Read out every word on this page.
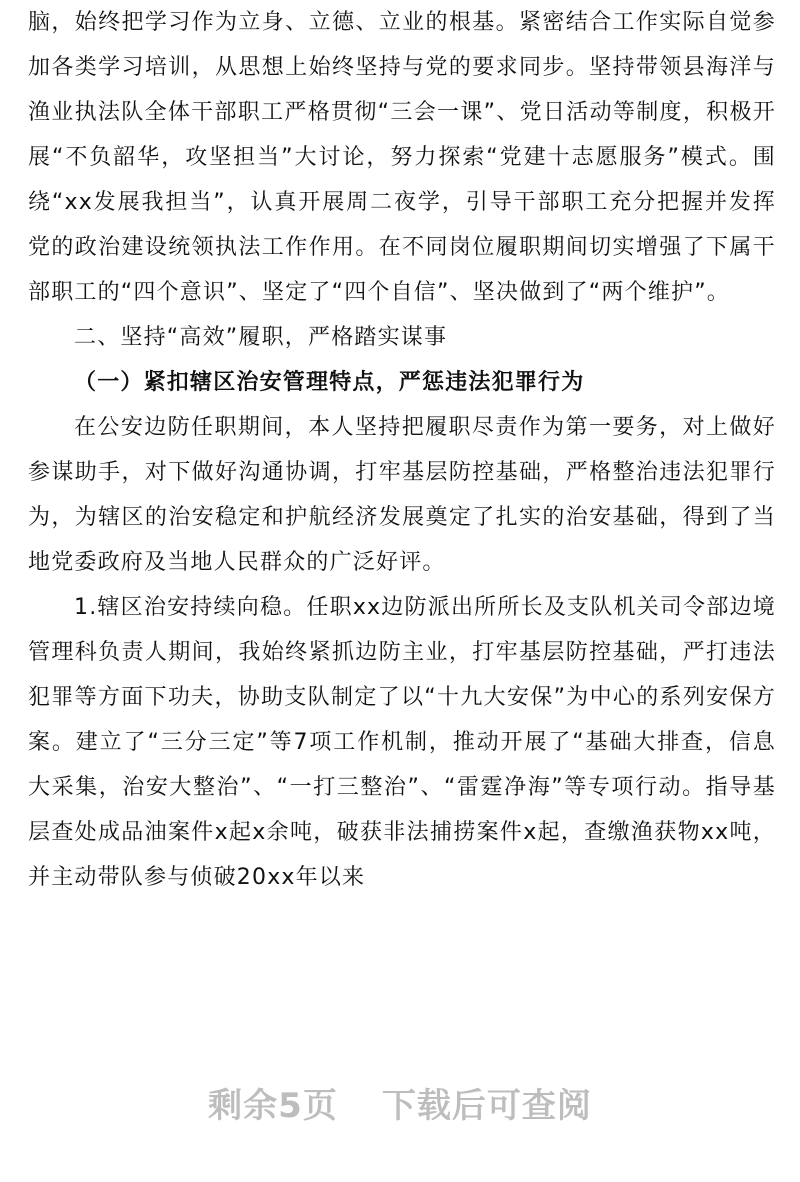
脑，始终把学习作为立身、立德、立业的根基。紧密结合工作实际自觉参加各类学习培训，从思想上始终坚持与党的要求同步。坚持带领县海洋与渔业执法队全体干部职工严格贯彻“三会一课”、党日活动等制度，积极开展“不负韶华，攻坚担当”大讨论，努力探索“党建十志愿服务”模式。围绕“xx发展我担当”，认真开展周二夜学，引导干部职工充分把握并发挥党的政治建设统领执法工作作用。在不同岗位履职期间切实增强了下属干部职工的“四个意识”、坚定了“四个自信”、坚决做到了“两个维护”。

二、坚持“高效”履职，严格踏实谋事

（一）紧扣辖区治安管理特点，严惩违法犯罪行为

在公安边防任职期间，本人坚持把履职尽责作为第一要务，对上做好参谋助手，对下做好沟通协调，打牢基层防控基础，严格整治违法犯罪行为，为辖区的治安稳定和护航经济发展奠定了扎实的治安基础，得到了当地党委政府及当地人民群众的广泛好评。

1.辖区治安持续向稳。任职xx边防派出所所长及支队机关司令部边境管理科负责人期间，我始终紧抓边防主业，打牢基层防控基础，严打违法犯罪等方面下功夫，协助支队制定了以“十九大安保”为中心的系列安保方案。建立了“三分三定”等7项工作机制，推动开展了“基础大排查，信息大采集，治安大整治”、“一打三整治”、“雷霆净海”等专项行动。指导基层查处成品油案件x起x余吨，破获非法捕捞案件x起，查缴渔获物xx吨，并主动带队参与侦破20xx年以来

剩余5页 下载后可查阅
